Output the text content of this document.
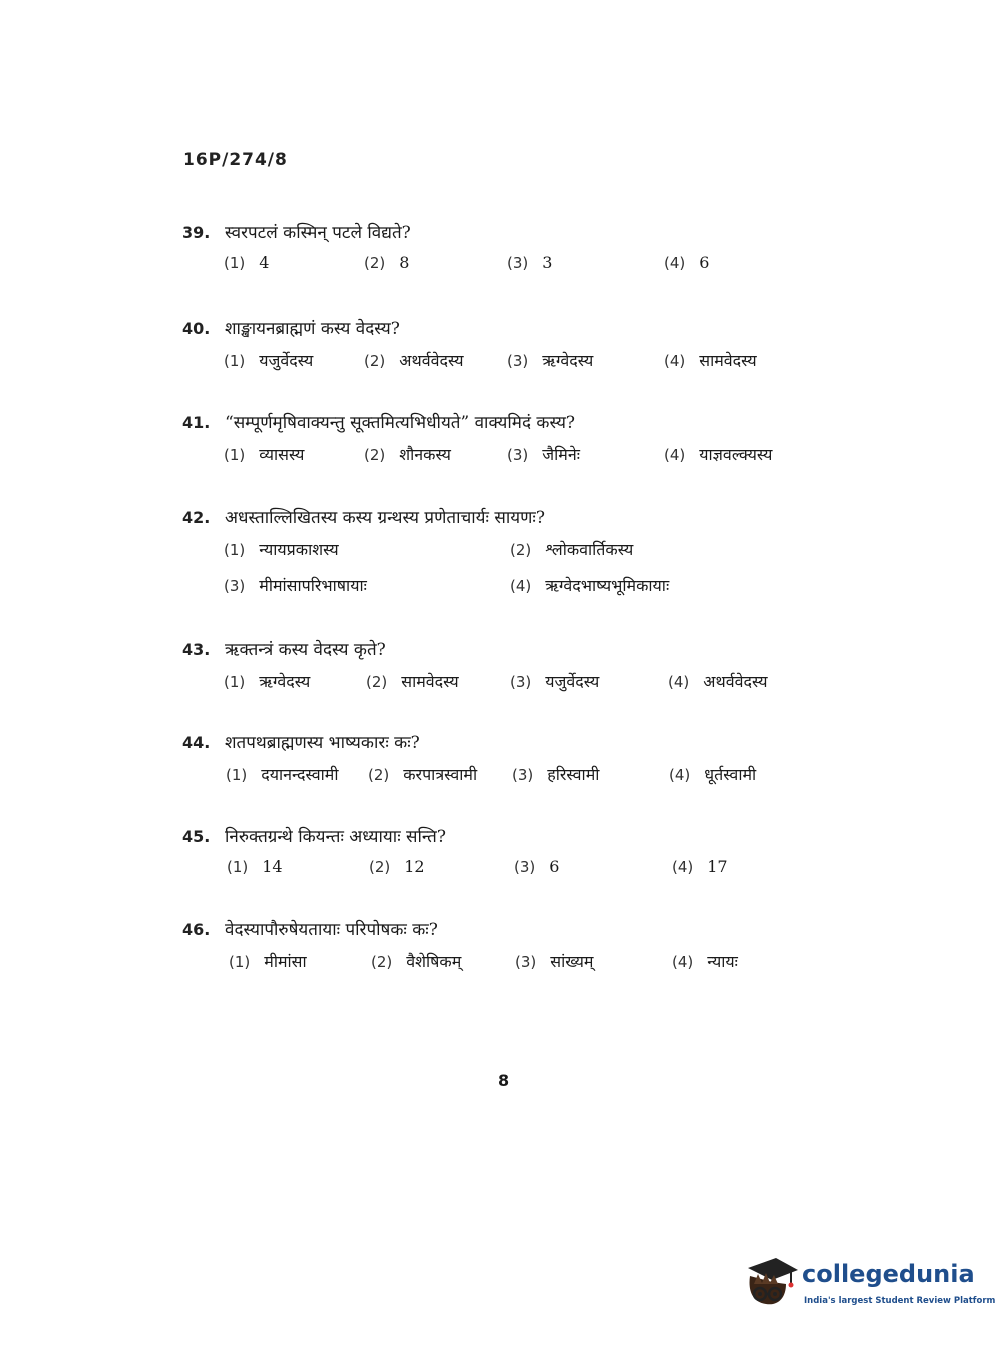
16P/274/8
39. स्वरपटलं कस्मिन् पटले विद्यते?
(1) 4	(2) 8	(3) 3	(4) 6
40. शाङ्खायनब्राह्मणं कस्य वेदस्य?
(1) यजुर्वेदस्य	(2) अथर्ववेदस्य	(3) ऋग्वेदस्य	(4) सामवेदस्य
41. “सम्पूर्णमृषिवाक्यन्तु सूक्तमित्यभिधीयते” वाक्यमिदं कस्य?
(1) व्यासस्य	(2) शौनकस्य	(3) जैमिनेः	(4) याज्ञवल्क्यस्य
42. अधस्ताल्लिखितस्य कस्य ग्रन्थस्य प्रणेताचार्यः सायणः?
(1) न्यायप्रकाशस्य	(2) श्लोकवार्तिकस्य
(3) मीमांसापरिभाषायाः	(4) ऋग्वेदभाष्यभूमिकायाः
43. ऋक्तन्त्रं कस्य वेदस्य कृते?
(1) ऋग्वेदस्य	(2) सामवेदस्य	(3) यजुर्वेदस्य	(4) अथर्ववेदस्य
44. शतपथब्राह्मणस्य भाष्यकारः कः?
(1) दयानन्दस्वामी (2) करपात्रस्वामी (3) हरिस्वामी	(4) धूर्तस्वामी
45. निरुक्तग्रन्थे कियन्तः अध्यायाः सन्ति?
(1) 14	(2) 12	(3) 6	(4) 17
46. वेदस्यापौरुषेयतायाः परिपोषकः कः?
(1) मीमांसा	(2) वैशेषिकम्	(3) सांख्यम्	(4) न्यायः
8
collegedunia
India's largest Student Review Platform
